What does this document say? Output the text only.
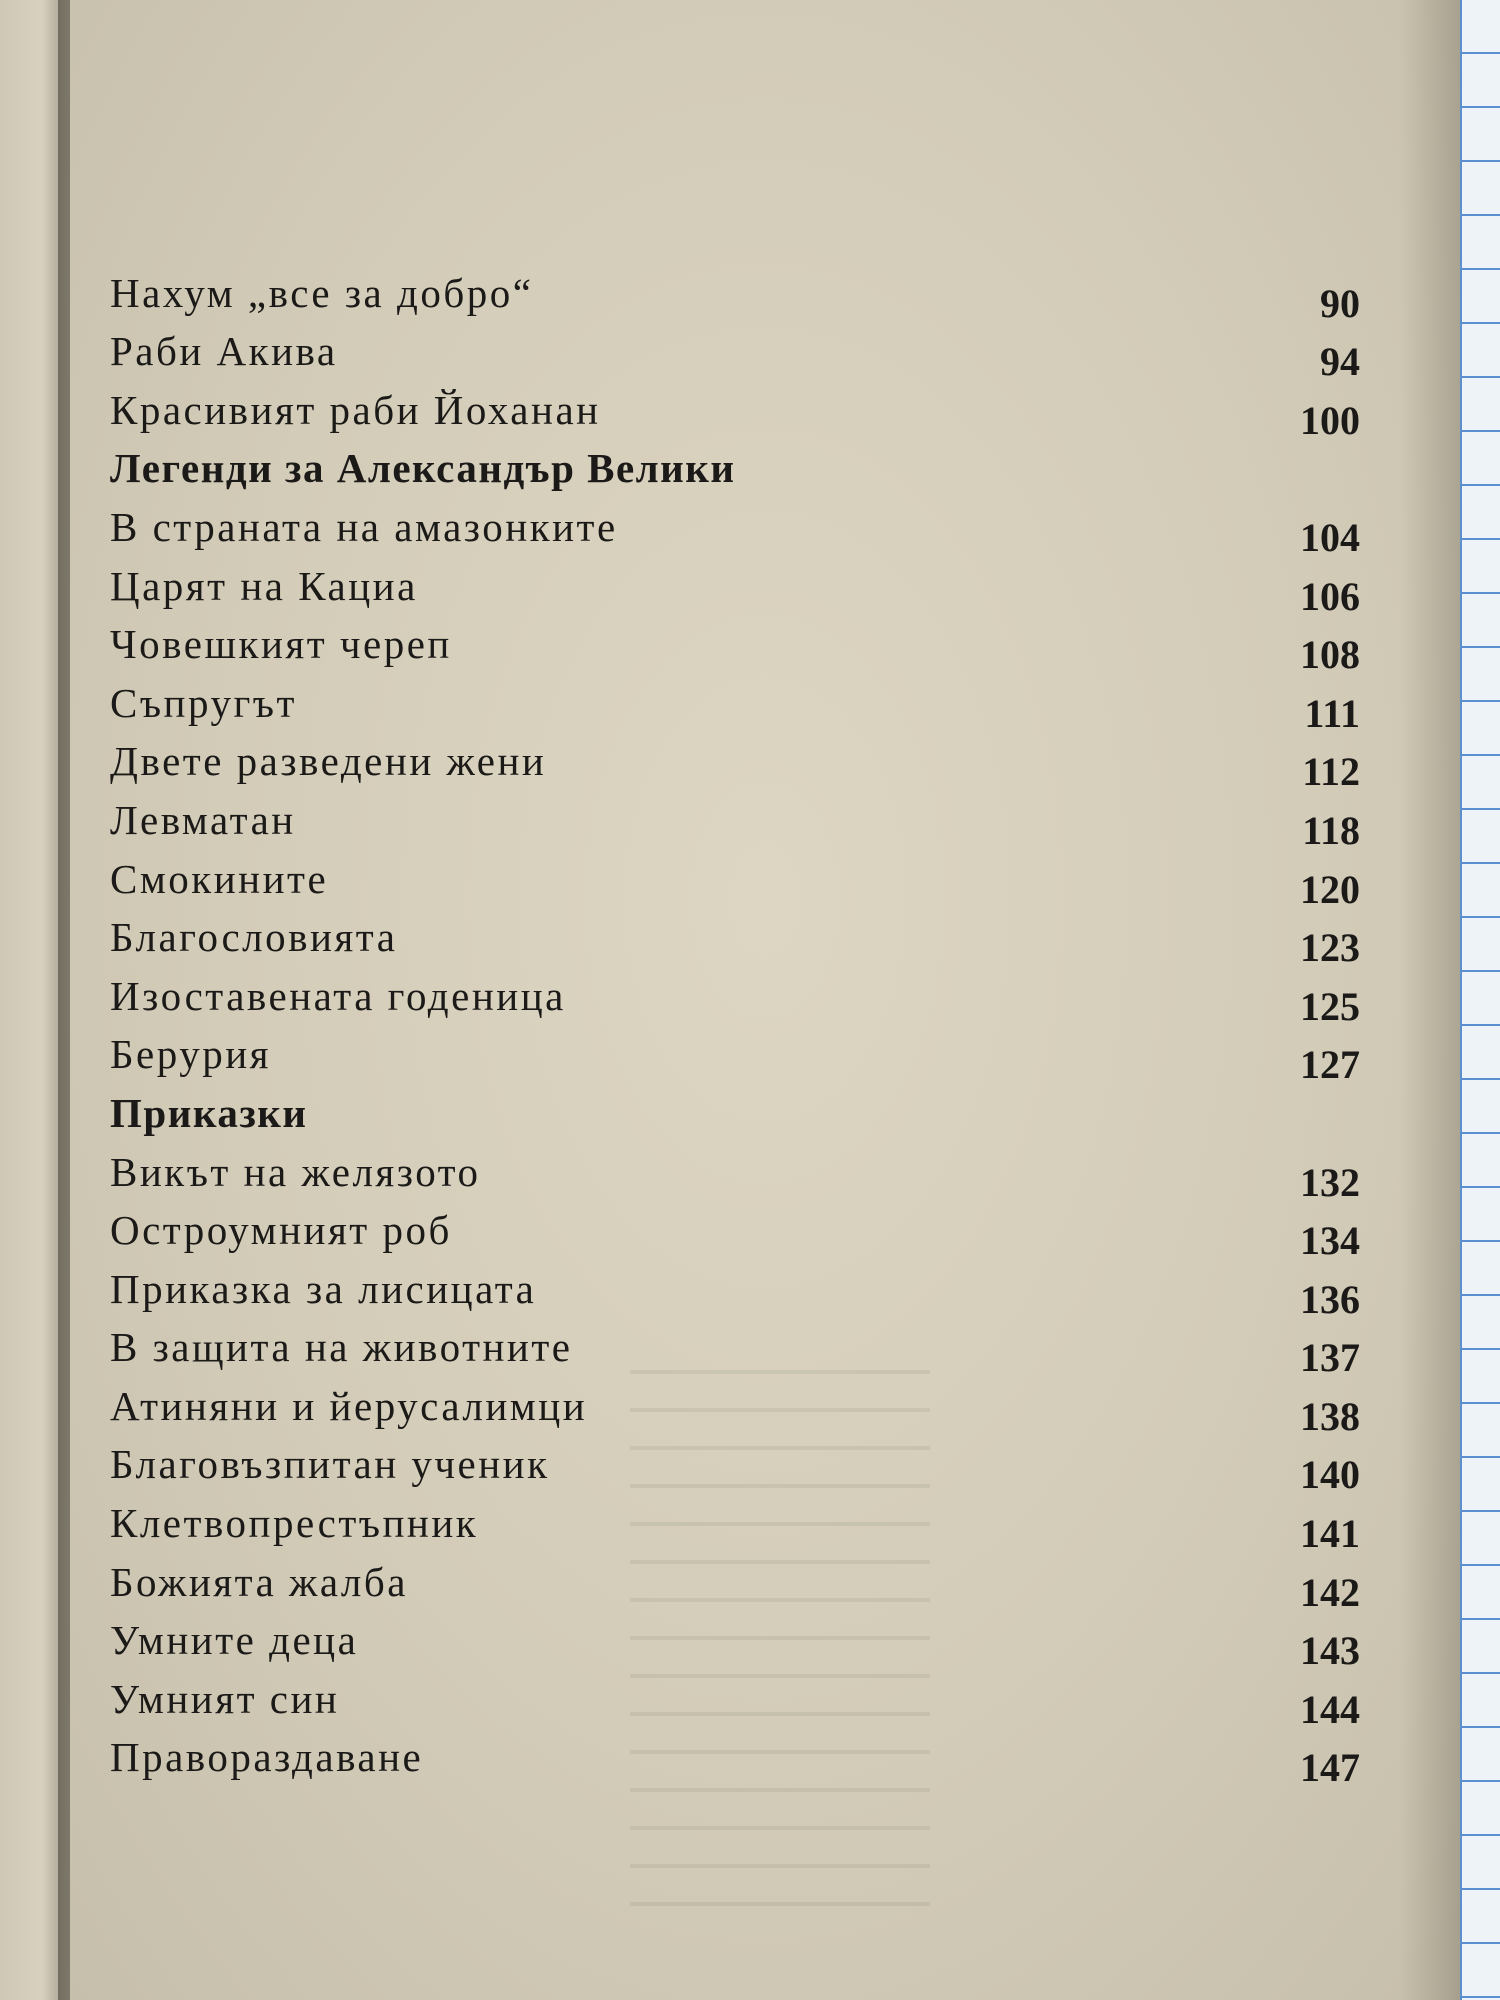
Нахум „все за добро“	90
Раби Акива	94
Красивият раби Йоханан	100
Легенди за Александър Велики
В страната на амазонките	104
Царят на Кациа	106
Човешкият череп	108
Съпругът	111
Двете разведени жени	112
Левматан	118
Смокините	120
Благословията	123
Изоставената годеница	125
Берурия	127
Приказки
Викът на желязото	132
Остроумният роб	134
Приказка за лисицата	136
В защита на животните	137
Атиняни и йерусалимци	138
Благовъзпитан ученик	140
Клетвопрестъпник	141
Божията жалба	142
Умните деца	143
Умният син	144
Правораздаване	147
